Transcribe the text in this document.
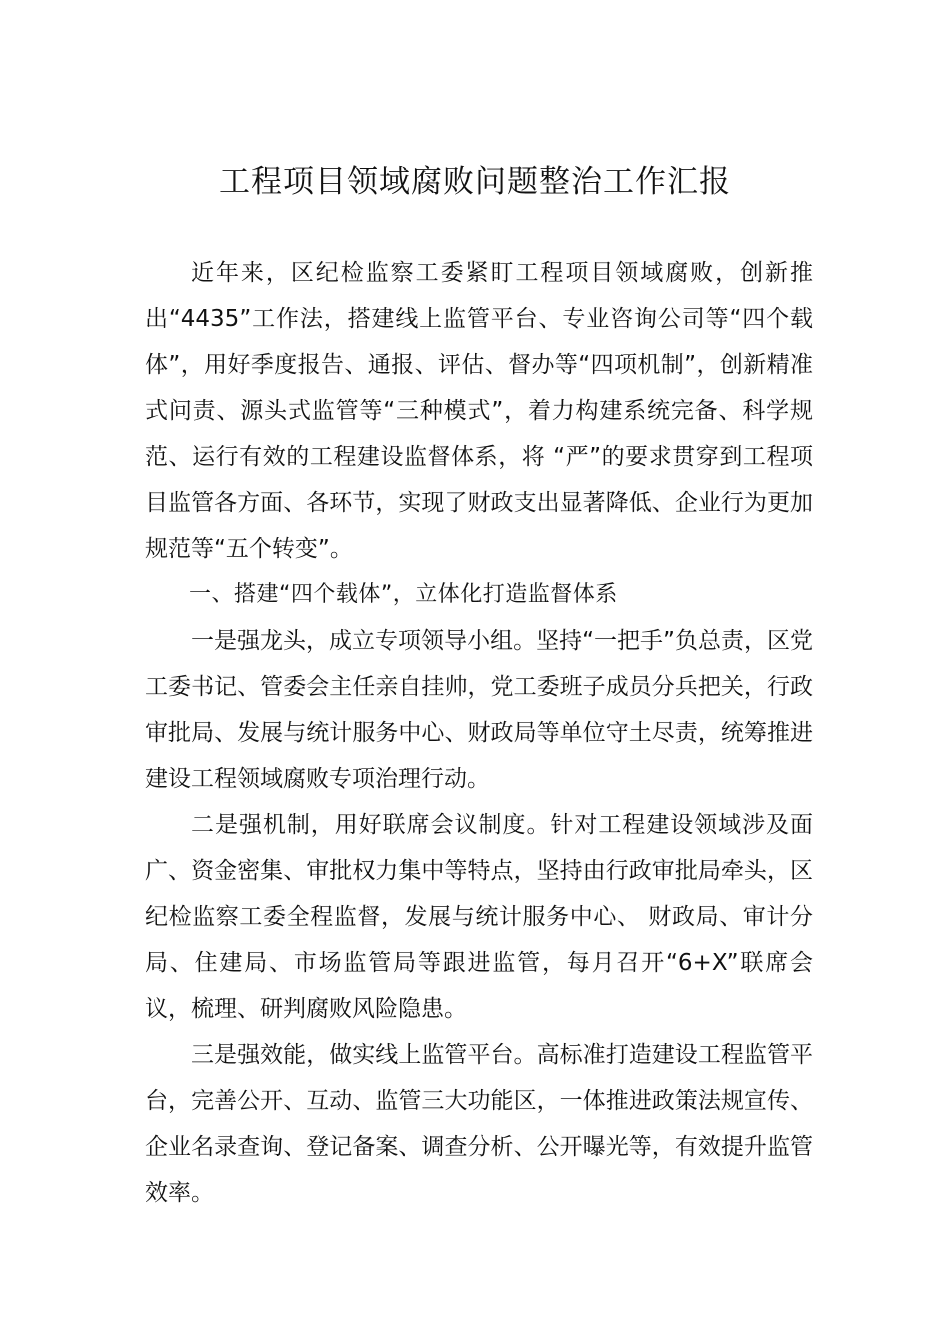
工程项目领域腐败问题整治工作汇报

近年来，区纪检监察工委紧盯工程项目领域腐败，创新推出“4435”工作法，搭建线上监管平台、专业咨询公司等“四个载体”，用好季度报告、通报、评估、督办等“四项机制”，创新精准式问责、源头式监管等“三种模式”，着力构建系统完备、科学规范、运行有效的工程建设监督体系，将 “严”的要求贯穿到工程项目监管各方面、各环节，实现了财政支出显著降低、企业行为更加规范等“五个转变”。

一、搭建“四个载体”，立体化打造监督体系

一是强龙头，成立专项领导小组。坚持“一把手”负总责，区党工委书记、管委会主任亲自挂帅，党工委班子成员分兵把关，行政审批局、发展与统计服务中心、财政局等单位守土尽责，统筹推进建设工程领域腐败专项治理行动。

二是强机制，用好联席会议制度。针对工程建设领域涉及面广、资金密集、审批权力集中等特点，坚持由行政审批局牵头，区纪检监察工委全程监督，发展与统计服务中心、 财政局、审计分局、住建局、市场监管局等跟进监管，每月召开“6+X”联席会议，梳理、研判腐败风险隐患。

三是强效能，做实线上监管平台。高标准打造建设工程监管平台，完善公开、互动、监管三大功能区，一体推进政策法规宣传、企业名录查询、登记备案、调查分析、公开曝光等，有效提升监管效率。
